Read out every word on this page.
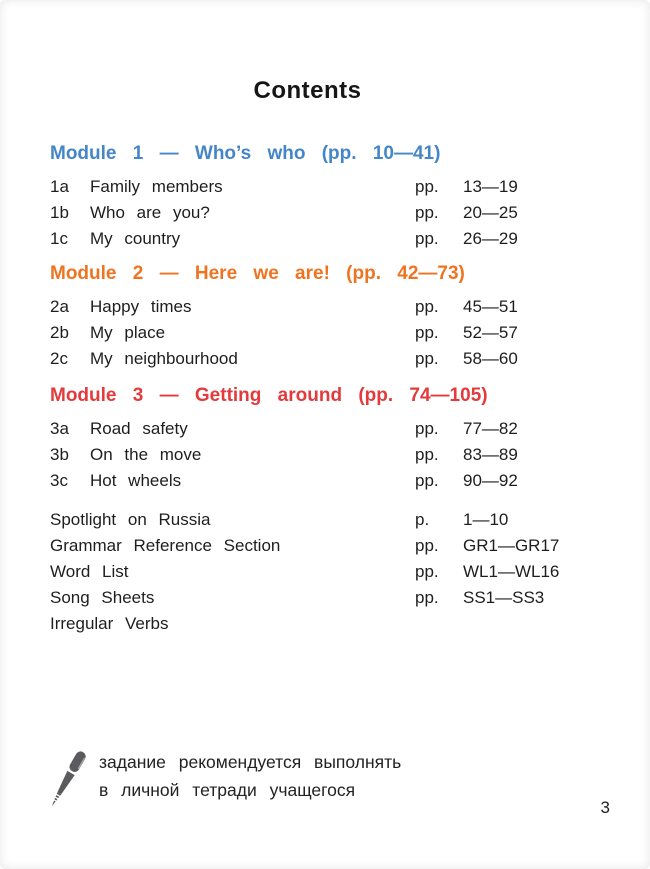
Contents
Module 1 — Who’s who (pp. 10—41)
1a	Family members	pp.	13—19
1b	Who are you?	pp.	20—25
1c	My country	pp.	26—29
Module 2 — Here we are! (pp. 42—73)
2a	Happy times	pp.	45—51
2b	My place	pp.	52—57
2c	My neighbourhood	pp.	58—60
Module 3 — Getting around (pp. 74—105)
3a	Road safety	pp.	77—82
3b	On the move	pp.	83—89
3c	Hot wheels	pp.	90—92
Spotlight on Russia	p.	1—10
Grammar Reference Section	pp.	GR1—GR17
Word List	pp.	WL1—WL16
Song Sheets	pp.	SS1—SS3
Irregular Verbs
задание рекомендуется выполнять
в личной тетради учащегося
3
